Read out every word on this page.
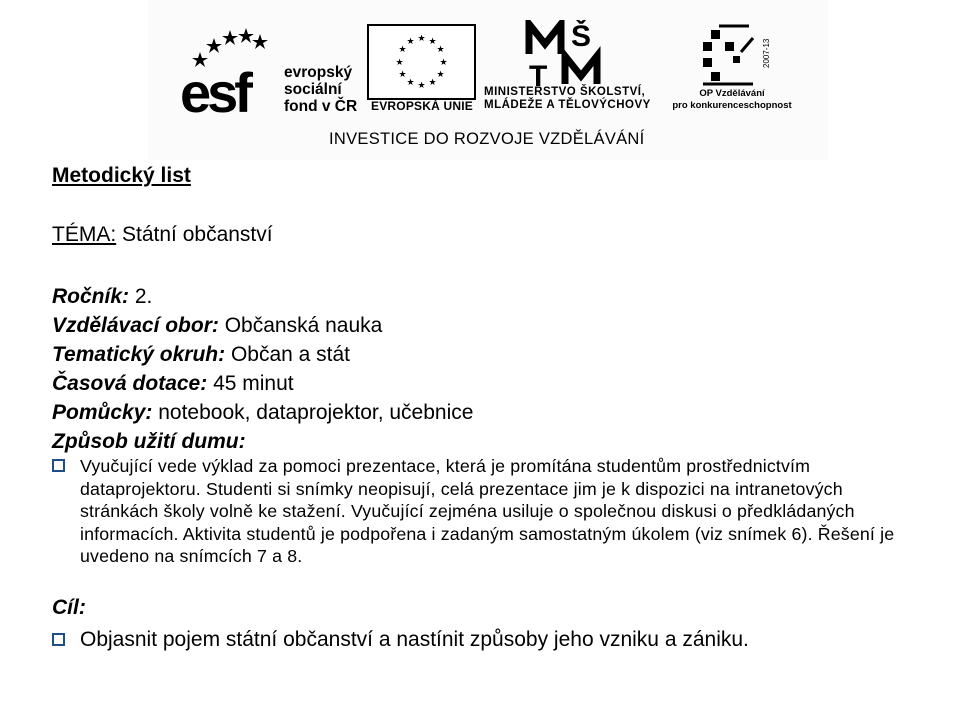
esf evropský
sociální
fond v ČR
★ ★
★
★
★
★
★
★
★
★
★
★
EVROPSKÁ UNIE
Š
T
MINISTERSTVO ŠKOLSTVÍ,
MLÁDEŽE A TĚLOVÝCHOVY
2007-13
OP Vzdělávání
pro konkurenceschopnost
INVESTICE DO ROZVOJE VZDĚLÁVÁNÍ
Metodický list
TÉMA: Státní občanství
Ročník: 2.
Vzdělávací obor: Občanská nauka
Tematický okruh: Občan a stát
Časová dotace: 45 minut
Pomůcky: notebook, dataprojektor, učebnice
Způsob užití dumu:
Vyučující vede výklad za pomoci prezentace, která je promítána studentům prostřednictvím dataprojektoru. Studenti si snímky neopisují, celá prezentace jim je k dispozici na intranetových stránkách školy volně ke stažení. Vyučující zejména usiluje o společnou diskusi o předkládaných informacích. Aktivita studentů je podpořena i zadaným samostatným úkolem (viz snímek 6). Řešení je uvedeno na snímcích 7 a 8.
Cíl:
Objasnit pojem státní občanství a nastínit způsoby jeho vzniku a zániku.
